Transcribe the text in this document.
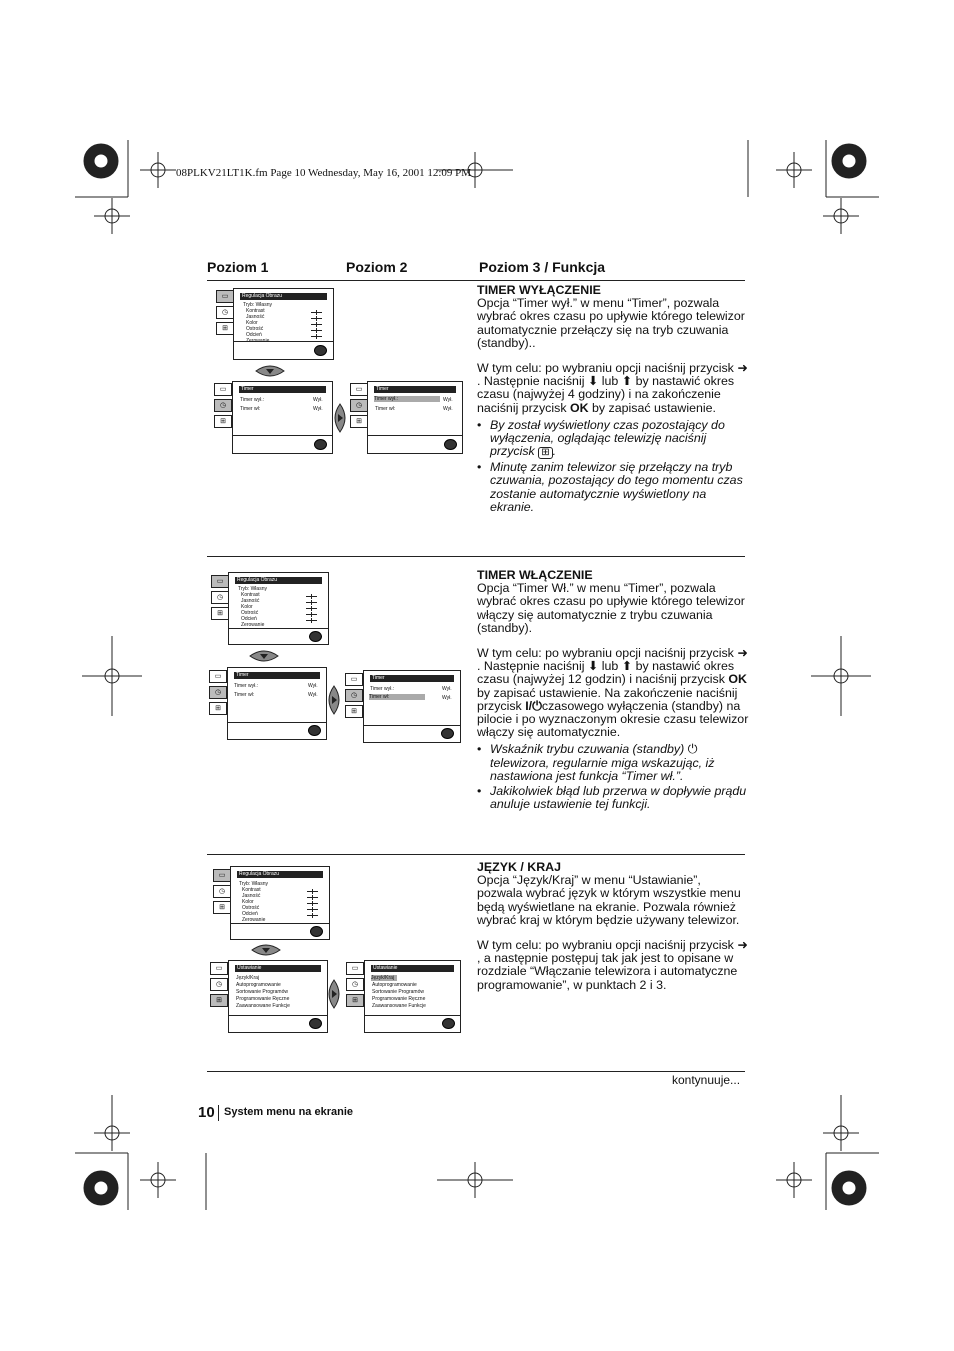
08PLKV21LT1K.fm Page 10 Wednesday, May 16, 2001 12:09 PM
Poziom 1	Poziom 2	Poziom 3 / Funkcja
TIMER WYŁĄCZENIE

Opcja “Timer wył.” w menu “Timer”, pozwala wybrać okres czasu po upływie którego telewizor automatycznie przełączy się na tryb czuwania (standby)..

W tym celu: po wybraniu opcji naciśnij przycisk ➜. Następnie naciśnij ⬇ lub ⬆ by nastawić okres czasu (najwyżej 4 godziny) i na zakończenie naciśnij przycisk OK by zapisać ustawienie.

• By został wyświetlony czas pozostający do wyłączenia, oglądając telewizję naciśnij przycisk ⊞ .
• Minutę zanim telewizor się przełączy na tryb czuwania, pozostający do tego momentu czas zostanie automatycznie wyświetlony na ekranie.
▭
◷
⊞
Regulacja Obrazu
Tryb: Własny
Kontrast
Jasność
Kolor
Ostrość
Odcień
▭
◷
⊞
Timer
Timer wył.:	Wył.
Timer wł:	Wył.
▭
◷
⊞
Timer
Timer wył.:	Wył.
Timer wł:	Wył.
TIMER WŁĄCZENIE

Opcja “Timer Wł.” w menu “Timer”, pozwala wybrać okres czasu po upływie którego telewizor włączy się automatycznie z trybu czuwania (standby).

W tym celu: po wybraniu opcji naciśnij przycisk ➜. Następnie naciśnij ⬇ lub ⬆ by nastawić okres czasu (najwyżej 12 godzin) i naciśnij przycisk OK by zapisać ustawienie. Na zakończenie naciśnij przycisk I/⏻czasowego wyłączenia (standby) na pilocie i po wyznaczonym okresie czasu telewizor włączy się automatycznie.

• Wskaźnik trybu czuwania (standby) ⏻ telewizora, regularnie miga wskazując, iż nastawiona jest funkcja “Timer wł.”.
• Jakikolwiek błąd lub przerwa w dopływie prądu anuluje ustawienie tej funkcji.
▭
◷
⊞
Regulacja Obrazu
Tryb: Własny
Kontrast
Jasność
Kolor
Ostrość
Odcień
Zerowanie
▭
◷
⊞
Timer
Timer wył.:	Wył.
Timer wł:	Wył.
▭
◷
⊞
Timer
Timer wył.:	Wył.
Timer wł:	Wył.
JĘZYK / KRAJ

Opcja “Język/Kraj” w menu “Ustawianie”, pozwala wybrać język w którym wszystkie menu będą wyświetlane na ekranie. Pozwala również wybrać kraj w którym będzie używany telewizor.

W tym celu: po wybraniu opcji naciśnij przycisk ➜, a następnie postępuj tak jak jest to opisane w rozdziale “Włączanie telewizora i automatyczne programowanie”, w punktach 2 i 3.

▭
◷
⊞
Regulacja Obrazu
Tryb: Własny
Kontrast
Jasność
Kolor
Ostrość
Odcień
Zerowanie
▭
◷
⊞
Ustawianie
Język/Kraj
Autoprogramowanie
Sortowanie Programów
Programowanie Ręczne
Zaawansowane Funkcje
▭
◷
⊞
Ustawianie
Język/Kraj
Autoprogramowanie
Sortowanie Programów
Programowanie Ręczne
Zaawansowane Funkcje
kontynuuje...
10 System menu na ekranie
